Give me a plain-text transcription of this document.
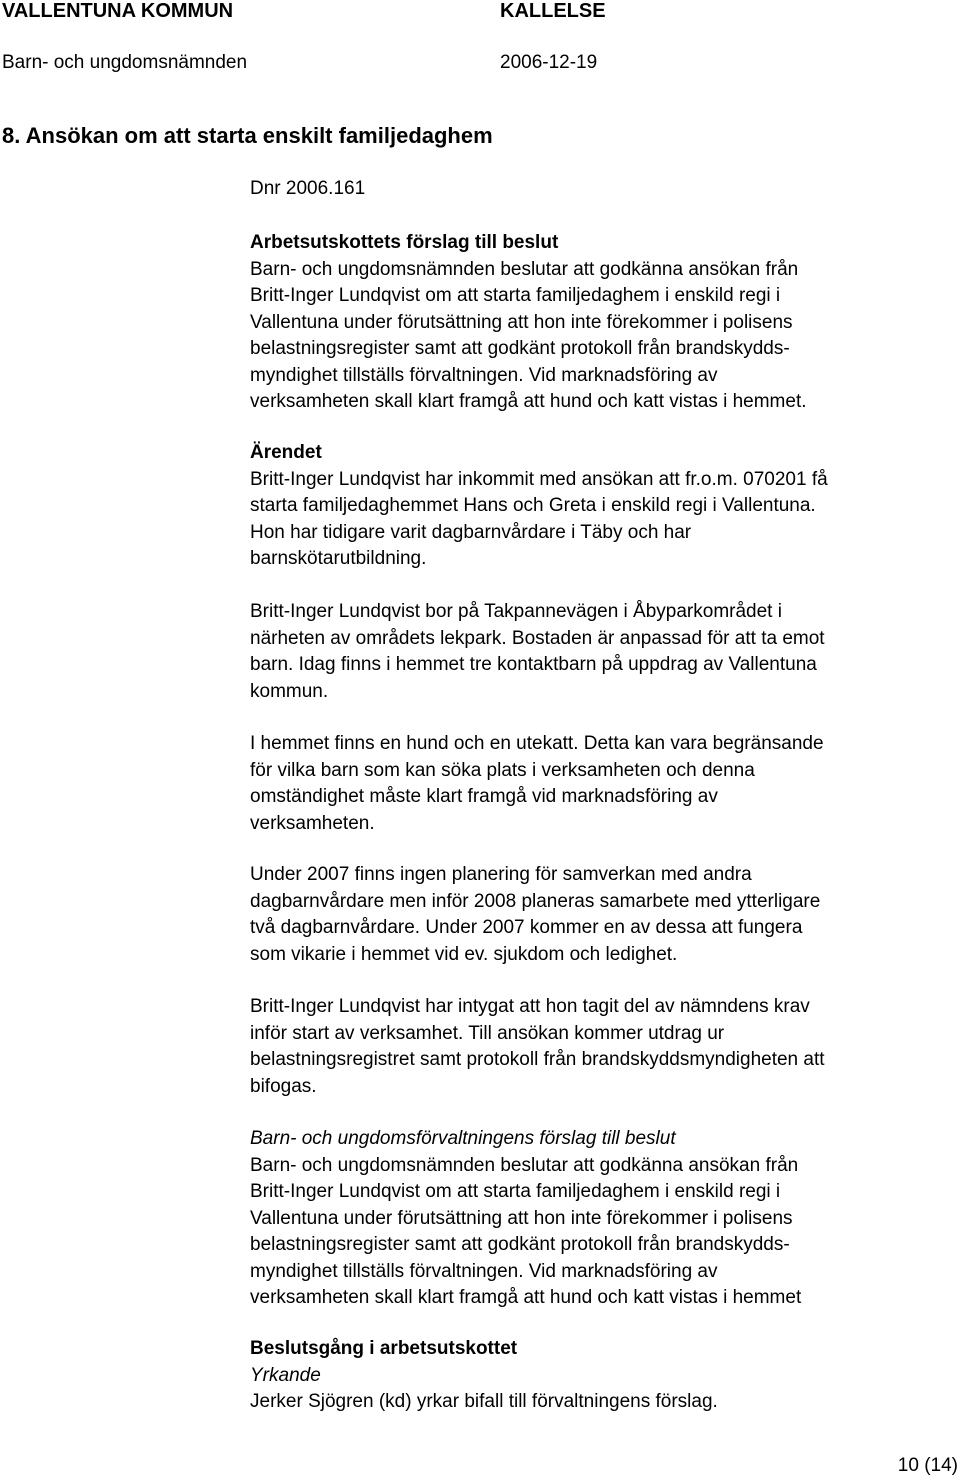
VALLENTUNA KOMMUN	KALLELSE
Barn- och ungdomsnämnden	2006-12-19
8. Ansökan om att starta enskilt familjedaghem
Dnr 2006.161
Arbetsutskottets förslag till beslut
Barn- och ungdomsnämnden beslutar att godkänna ansökan från
Britt-Inger Lundqvist om att starta familjedaghem i enskild regi i
Vallentuna under förutsättning att hon inte förekommer i polisens
belastningsregister samt att godkänt protokoll från brandskydds-
myndighet tillställs förvaltningen. Vid marknadsföring av
verksamheten skall klart framgå att hund och katt vistas i hemmet.
Ärendet
Britt-Inger Lundqvist har inkommit med ansökan att fr.o.m. 070201 få
starta familjedaghemmet Hans och Greta i enskild regi i Vallentuna.
Hon har tidigare varit dagbarnvårdare i Täby och har
barnskötarutbildning.
Britt-Inger Lundqvist bor på Takpannevägen i Åbyparkområdet i
närheten av områdets lekpark. Bostaden är anpassad för att ta emot
barn. Idag finns i hemmet tre kontaktbarn på uppdrag av Vallentuna
kommun.
I hemmet finns en hund och en utekatt. Detta kan vara begränsande
för vilka barn som kan söka plats i verksamheten och denna
omständighet måste klart framgå vid marknadsföring av
verksamheten.
Under 2007 finns ingen planering för samverkan med andra
dagbarnvårdare men inför 2008 planeras samarbete med ytterligare
två dagbarnvårdare. Under 2007 kommer en av dessa att fungera
som vikarie i hemmet vid ev. sjukdom och ledighet.
Britt-Inger Lundqvist har intygat att hon tagit del av nämndens krav
inför start av verksamhet. Till ansökan kommer utdrag ur
belastningsregistret samt protokoll från brandskyddsmyndigheten att
bifogas.
Barn- och ungdomsförvaltningens förslag till beslut
Barn- och ungdomsnämnden beslutar att godkänna ansökan från
Britt-Inger Lundqvist om att starta familjedaghem i enskild regi i
Vallentuna under förutsättning att hon inte förekommer i polisens
belastningsregister samt att godkänt protokoll från brandskydds-
myndighet tillställs förvaltningen. Vid marknadsföring av
verksamheten skall klart framgå att hund och katt vistas i hemmet
Beslutsgång i arbetsutskottet
Yrkande
Jerker Sjögren (kd) yrkar bifall till förvaltningens förslag.
10 (14)
